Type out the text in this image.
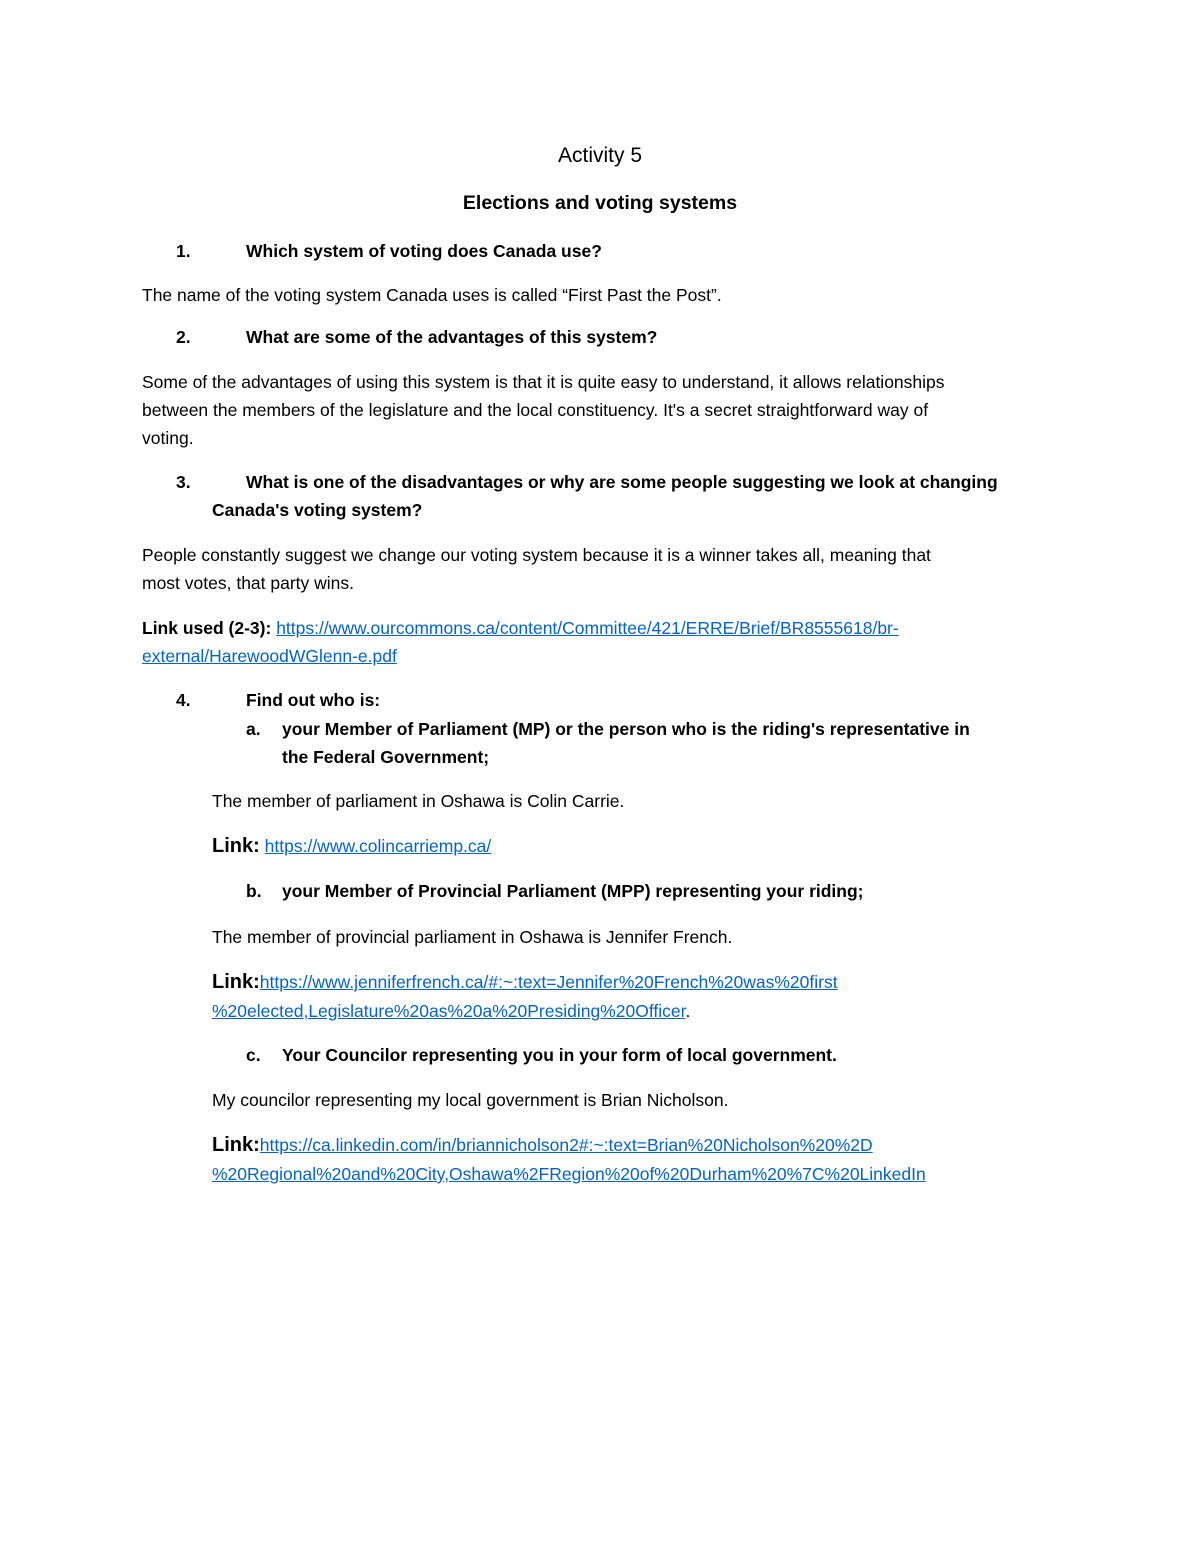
Activity 5

Elections and voting systems

1.	Which system of voting does Canada use?

The name of the voting system Canada uses is called “First Past the Post”.

2.	What are some of the advantages of this system?

Some of the advantages of using this system is that it is quite easy to understand, it allows relationships

between the members of the legislature and the local constituency. It's a secret straightforward way of

voting.

3.	What is one of the disadvantages or why are some people suggesting we look at changing

Canada's voting system?

People constantly suggest we change our voting system because it is a winner takes all, meaning that

most votes, that party wins.

Link used (2-3): https://www.ourcommons.ca/content/Committee/421/ERRE/Brief/BR8555618/br-

external/HarewoodWGlenn-e.pdf

4.	Find out who is:

a. your Member of Parliament (MP) or the person who is the riding's representative in

the Federal Government;

The member of parliament in Oshawa is Colin Carrie.

Link: https://www.colincarriemp.ca/

b. your Member of Provincial Parliament (MPP) representing your riding;

The member of provincial parliament in Oshawa is Jennifer French.

Link:https://www.jenniferfrench.ca/#:~:text=Jennifer%20French%20was%20first

%20elected,Legislature%20as%20a%20Presiding%20Officer.

c. Your Councilor representing you in your form of local government.

My councilor representing my local government is Brian Nicholson.

Link:https://ca.linkedin.com/in/briannicholson2#:~:text=Brian%20Nicholson%20%2D

%20Regional%20and%20City,Oshawa%2FRegion%20of%20Durham%20%7C%20LinkedIn
